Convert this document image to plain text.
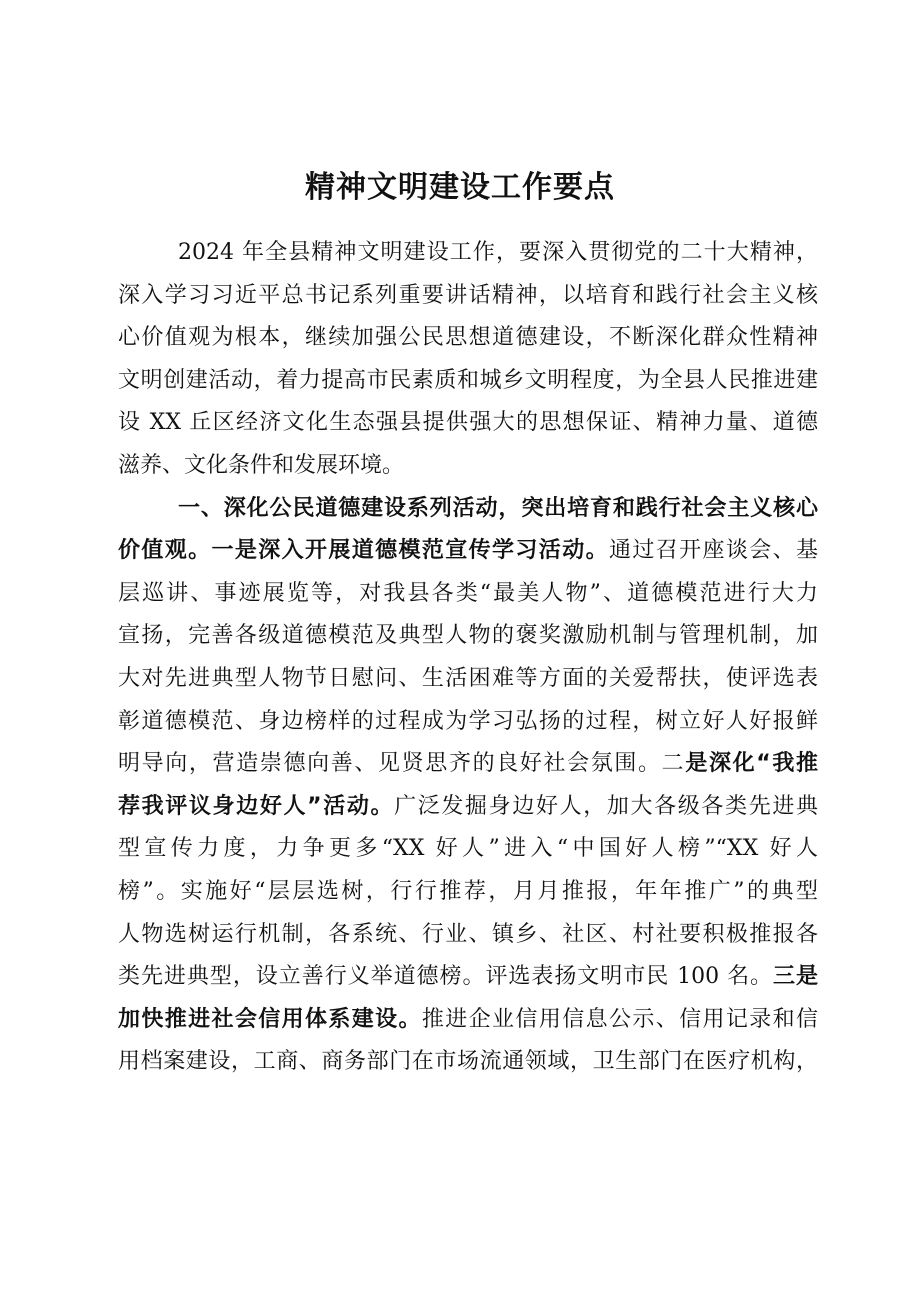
精神文明建设工作要点
2024 年全县精神文明建设工作，要深入贯彻党的二十大精神，
深入学习习近平总书记系列重要讲话精神，以培育和践行社会主义核
心价值观为根本，继续加强公民思想道德建设，不断深化群众性精神
文明创建活动，着力提高市民素质和城乡文明程度，为全县人民推进建
设 XX 丘区经济文化生态强县提供强大的思想保证、精神力量、道德
滋养、文化条件和发展环境。
一、深化公民道德建设系列活动，突出培育和践行社会主义核心
价值观。一是深入开展道德模范宣传学习活动。通过召开座谈会、基
层巡讲、事迹展览等，对我县各类“最美人物”、道德模范进行大力
宣扬，完善各级道德模范及典型人物的褒奖激励机制与管理机制，加
大对先进典型人物节日慰问、生活困难等方面的关爱帮扶，使评选表
彰道德模范、身边榜样的过程成为学习弘扬的过程，树立好人好报鲜
明导向，营造崇德向善、见贤思齐的良好社会氛围。二是深化“我推
荐我评议身边好人”活动。广泛发掘身边好人，加大各级各类先进典
型宣传力度，力争更多“XX 好人”进入“中国好人榜”“XX 好人
榜”。实施好“层层选树，行行推荐，月月推报，年年推广”的典型
人物选树运行机制，各系统、行业、镇乡、社区、村社要积极推报各
类先进典型，设立善行义举道德榜。评选表扬文明市民 100 名。三是
加快推进社会信用体系建设。推进企业信用信息公示、信用记录和信
用档案建设，工商、商务部门在市场流通领域，卫生部门在医疗机构，
